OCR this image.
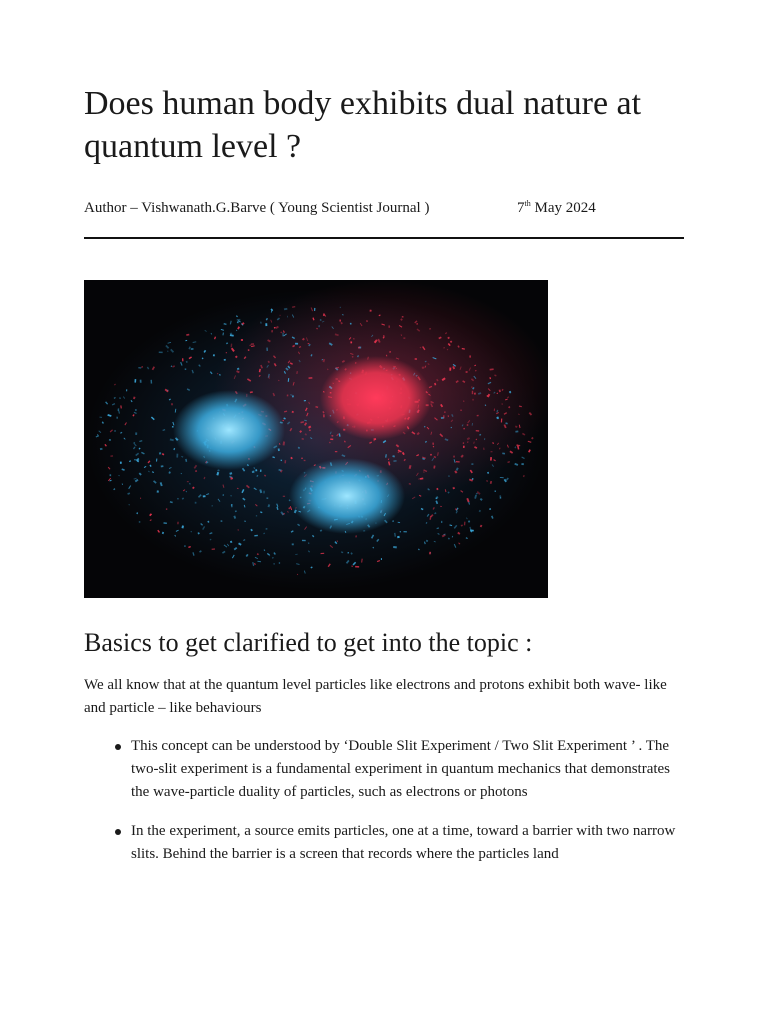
Does human body exhibits dual nature at quantum level ?
Author – Vishwanath.G.Barve ( Young Scientist Journal )	7th May 2024
Basics to get clarified to get into the topic :

We all know that at the quantum level particles like electrons and protons exhibit both wave- like and particle – like behaviours

This concept can be understood by ‘Double Slit Experiment / Two Slit Experiment ’ . The two-slit experiment is a fundamental experiment in quantum mechanics that demonstrates the wave-particle duality of particles, such as electrons or photons
In the experiment, a source emits particles, one at a time, toward a barrier with two narrow slits. Behind the barrier is a screen that records where the particles land
